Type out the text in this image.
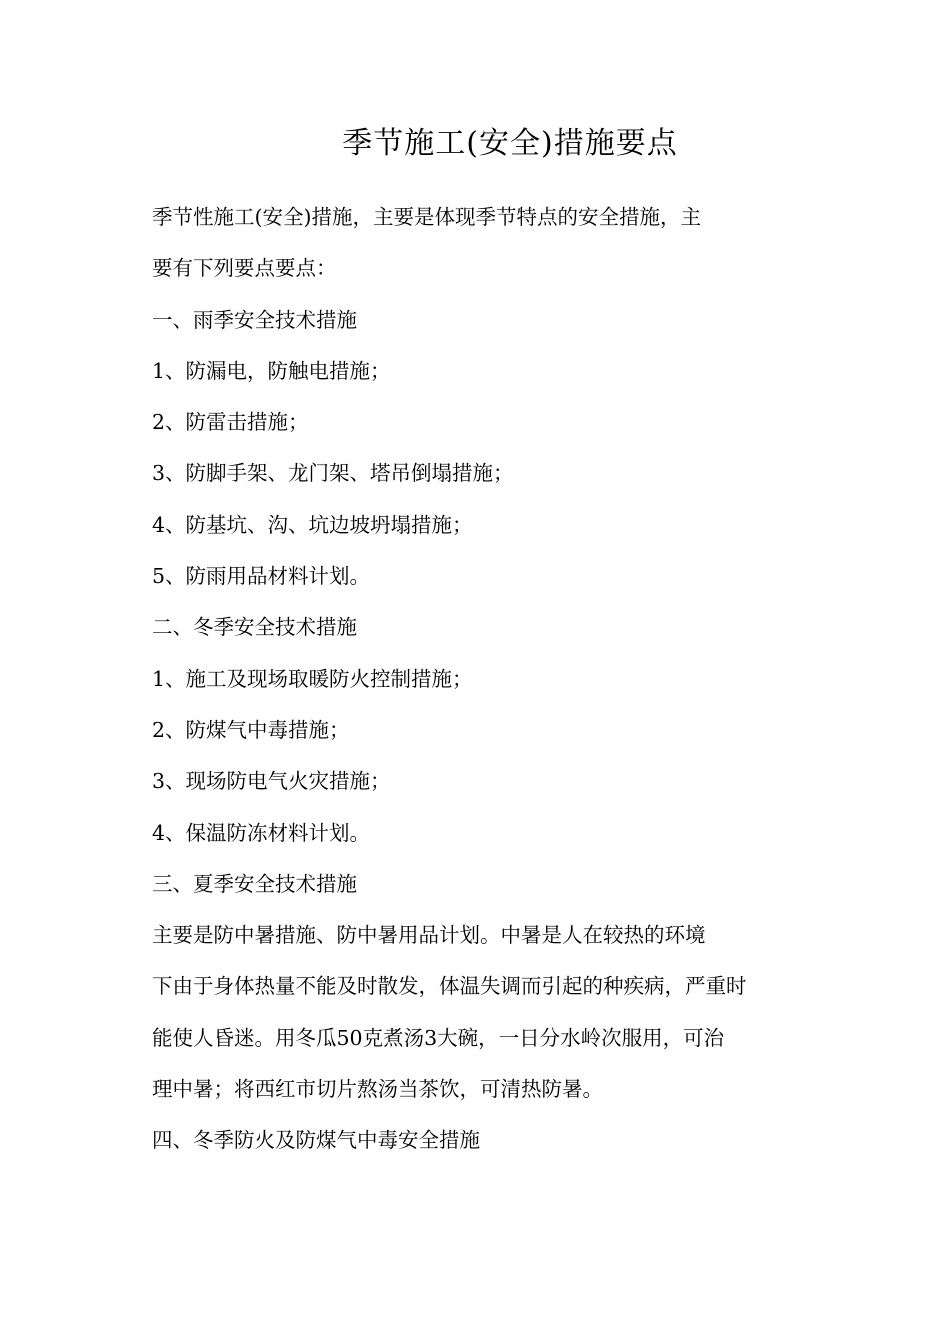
季节施工(安全)措施要点

季节性施工(安全)措施，主要是体现季节特点的安全措施，主

要有下列要点要点：

一、雨季安全技术措施

1、防漏电，防触电措施；

2、防雷击措施；

3、防脚手架、龙门架、塔吊倒塌措施；

4、防基坑、沟、坑边坡坍塌措施；

5、防雨用品材料计划。

二、冬季安全技术措施

1、施工及现场取暖防火控制措施；

2、防煤气中毒措施；

3、现场防电气火灾措施；

4、保温防冻材料计划。

三、夏季安全技术措施

主要是防中暑措施、防中暑用品计划。中暑是人在较热的环境

下由于身体热量不能及时散发，体温失调而引起的种疾病，严重时

能使人昏迷。用冬瓜50克煮汤3大碗，一日分水岭次服用，可治

理中暑；将西红市切片熬汤当茶饮，可清热防暑。

四、冬季防火及防煤气中毒安全措施
